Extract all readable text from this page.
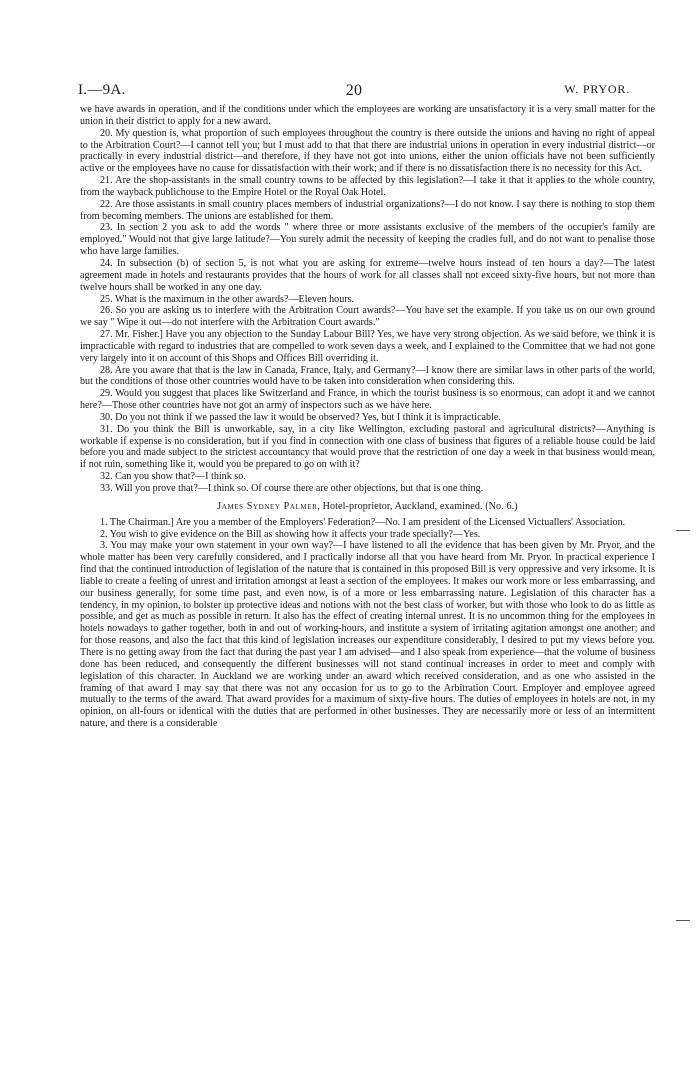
I.—9A.	20	W. PRYOR.

we have awards in operation, and if the conditions under which the employees are working are unsatisfactory it is a very small matter for the union in their district to apply for a new award.

20. My question is, what proportion of such employees throughout the country is there outside the unions and having no right of appeal to the Arbitration Court?—I cannot tell you; but I must add to that that there are industrial unions in operation in every industrial district—or practically in every industrial district—and therefore, if they have not got into unions, either the union officials have not been sufficiently active or the employees have no cause for dissatisfaction with their work; and if there is no dissatisfaction there is no necessity for this Act.

21. Are the shop-assistants in the small country towns to be affected by this legislation?—I take it that it applies to the whole country, from the wayback publichouse to the Empire Hotel or the Royal Oak Hotel.

22. Are those assistants in small country places members of industrial organizations?—I do not know. I say there is nothing to stop them from becoming members. The unions are established for them.

23. In section 2 you ask to add the words " where three or more assistants exclusive of the members of the occupier's family are employed." Would not that give large latitude?—You surely admit the necessity of keeping the cradles full, and do not want to penalise those who have large families.

24. In subsection (b) of section 5, is not what you are asking for extreme—twelve hours instead of ten hours a day?—The latest agreement made in hotels and restaurants provides that the hours of work for all classes shall not exceed sixty-five hours, but not more than twelve hours shall be worked in any one day.

25. What is the maximum in the other awards?—Eleven hours.

26. So you are asking us to interfere with the Arbitration Court awards?—You have set the example. If you take us on our own ground we say " Wipe it out—do not interfere with the Arbitration Court awards."

27. Mr. Fisher.] Have you any objection to the Sunday Labour Bill? Yes, we have very strong objection. As we said before, we think it is impracticable with regard to industries that are compelled to work seven days a week, and I explained to the Committee that we had not gone very largely into it on account of this Shops and Offices Bill overriding it.

28. Are you aware that that is the law in Canada, France, Italy, and Germany?—I know there are similar laws in other parts of the world, but the conditions of those other countries would have to be taken into consideration when considering this.

29. Would you suggest that places like Switzerland and France, in which the tourist business is so enormous, can adopt it and we cannot here?—Those other countries have not got an army of inspectors such as we have here.

30. Do you not think if we passed the law it would be observed? Yes, but I think it is impracticable.

31. Do you think the Bill is unworkable, say, in a city like Wellington, excluding pastoral and agricultural districts?—Anything is workable if expense is no consideration, but if you find in connection with one class of business that figures of a reliable house could be laid before you and made subject to the strictest accountancy that would prove that the restriction of one day a week in that business would mean, if not ruin, something like it, would you be prepared to go on with it?

32. Can you show that?—I think so.

33. Will you prove that?—I think so. Of course there are other objections, but that is one thing.

James Sydney Palmer, Hotel-proprietor, Auckland, examined. (No. 6.)

1. The Chairman.] Are you a member of the Employers' Federation?—No. I am president of the Licensed Victuallers' Association.

2. You wish to give evidence on the Bill as showing how it affects your trade specially?—Yes.

3. You may make your own statement in your own way?—I have listened to all the evidence that has been given by Mr. Pryor, and the whole matter has been very carefully considered, and I practically indorse all that you have heard from Mr. Pryor. In practical experience I find that the continued introduction of legislation of the nature that is contained in this proposed Bill is very oppressive and very irksome. It is liable to create a feeling of unrest and irritation amongst at least a section of the employees. It makes our work more or less embarrassing, and our business generally, for some time past, and even now, is of a more or less embarrassing nature. Legislation of this character has a tendency, in my opinion, to bolster up protective ideas and notions with not the best class of worker, but with those who look to do as little as possible, and get as much as possible in return. It also has the effect of creating internal unrest. It is no uncommon thing for the employees in hotels nowadays to gather together, both in and out of working-hours, and institute a system of irritating agitation amongst one another; and for those reasons, and also the fact that this kind of legislation increases our expenditure considerably, I desired to put my views before you. There is no getting away from the fact that during the past year I am advised—and I also speak from experience—that the volume of business done has been reduced, and consequently the different businesses will not stand continual increases in order to meet and comply with legislation of this character. In Auckland we are working under an award which received consideration, and as one who assisted in the framing of that award I may say that there was not any occasion for us to go to the Arbitration Court. Employer and employee agreed mutually to the terms of the award. That award provides for a maximum of sixty-five hours. The duties of employees in hotels are not, in my opinion, on all-fours or identical with the duties that are performed in other businesses. They are necessarily more or less of an intermittent nature, and there is a considerable
